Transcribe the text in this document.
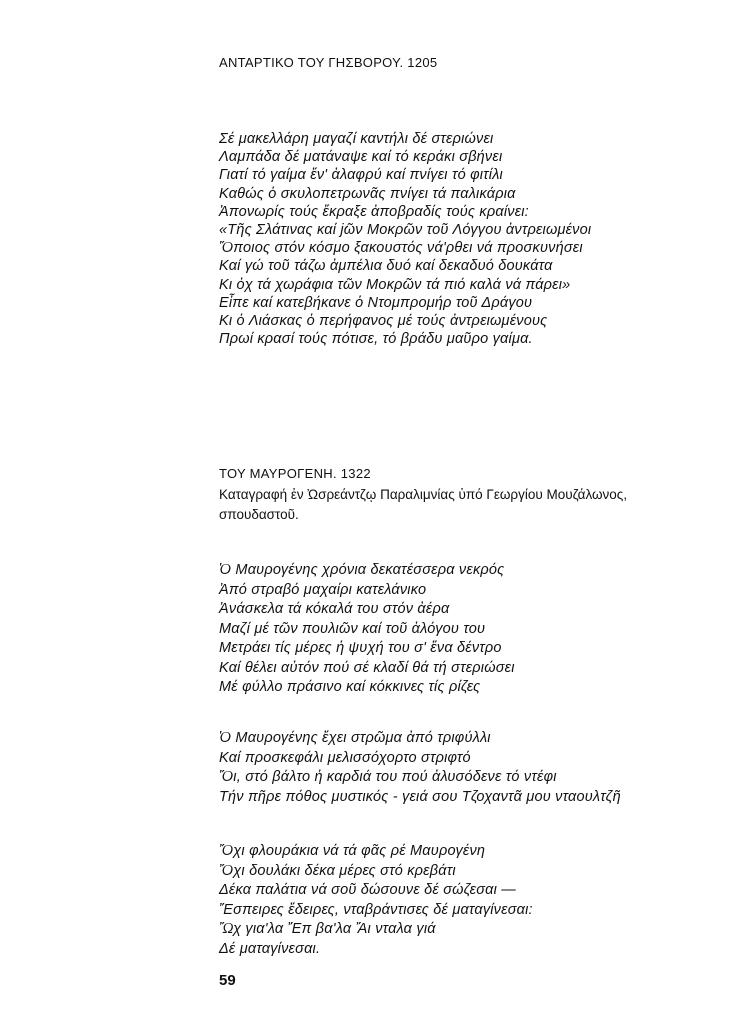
ΑΝΤΑΡΤΙΚΟ ΤΟΥ ΓΗΣΒΟΡΟΥ. 1205
Σέ μακελλάρη μαγαζί καντήλι δέ στεριώνει
Λαμπάδα δέ ματάναψε καί τό κεράκι σβήνει
Γιατί τό γαίμα ἔν' ἀλαφρύ καί πνίγει τό φιτίλι
Καθώς ὁ σκυλοπετρωνᾶς πνίγει τά παλικάρια
Ἀπονωρίς τούς ἔκραξε ἀποβραδίς τούς κραίνει:
«Τῆς Σλάτινας καί ϳῶν Μοκρῶν τοῦ Λόγγου ἀντρειωμένοι
Ὅποιος στόν κόσμο ξακουστός νά'ρθει νά προσκυνήσει
Καί γώ τοῦ τάζω ἀμπέλια δυό καί δεκαδυό δουκάτα
Κι ὀχ τά χωράφια τῶν Μοκρῶν τά πιό καλά νά πάρει»
Εἶπε καί κατεβήκανε ὁ Ντομπρομήρ τοῦ Δράγου
Κι ὁ Λιάσκας ὁ περήφανος μέ τούς ἀντρειωμένους
Πρωί κρασί τούς πότισε, τό βράδυ μαῦρο γαίμα.
ΤΟΥ ΜΑΥΡΟΓΕΝΗ. 1322
Καταγραφή ἐν Ὠσρεάντζῳ Παραλιμνίας ὑπό Γεωργίου Μουζάλωνος,
σπουδαστοῦ.
Ὁ Μαυρογένης χρόνια δεκατέσσερα νεκρός
Ἀπό στραβό μαχαίρι κατελάνικο
Ἀνάσκελα τά κόκαλά του στόν ἀέρα
Μαζί μέ τῶν πουλιῶν καί τοῦ ἀλόγου του
Μετράει τίς μέρες ἡ ψυχή του σ' ἕνα δέντρο
Καί θέλει αὐτόν πού σέ κλαδί θά τή στεριώσει
Μέ φύλλο πράσινο καί κόκκινες τίς ρίζες
Ὁ Μαυρογένης ἔχει στρῶμα ἀπό τριφύλλι
Καί προσκεφάλι μελισσόχορτο στριφτό
Ὅι, στό βάλτο ἡ καρδιά του πού ἀλυσόδενε τό ντέφι
Τήν πῆρε πόθος μυστικός - γειά σου Τζοχαντᾶ μου νταουλτζῆ
Ὄχι φλουράκια νά τά φᾶς ρέ Μαυρογένη
Ὄχι δουλάκι δέκα μέρες στό κρεβάτι
Δέκα παλάτια νά σοῦ δώσουνε δέ σώζεσαι —
Ἔσπειρες ἔδειρες, νταβράντισες δέ ματαγίνεσαι:
Ὤχ για'λα Ἔπ βα'λα Ἄι νταλα γιά
Δέ ματαγίνεσαι.
59
